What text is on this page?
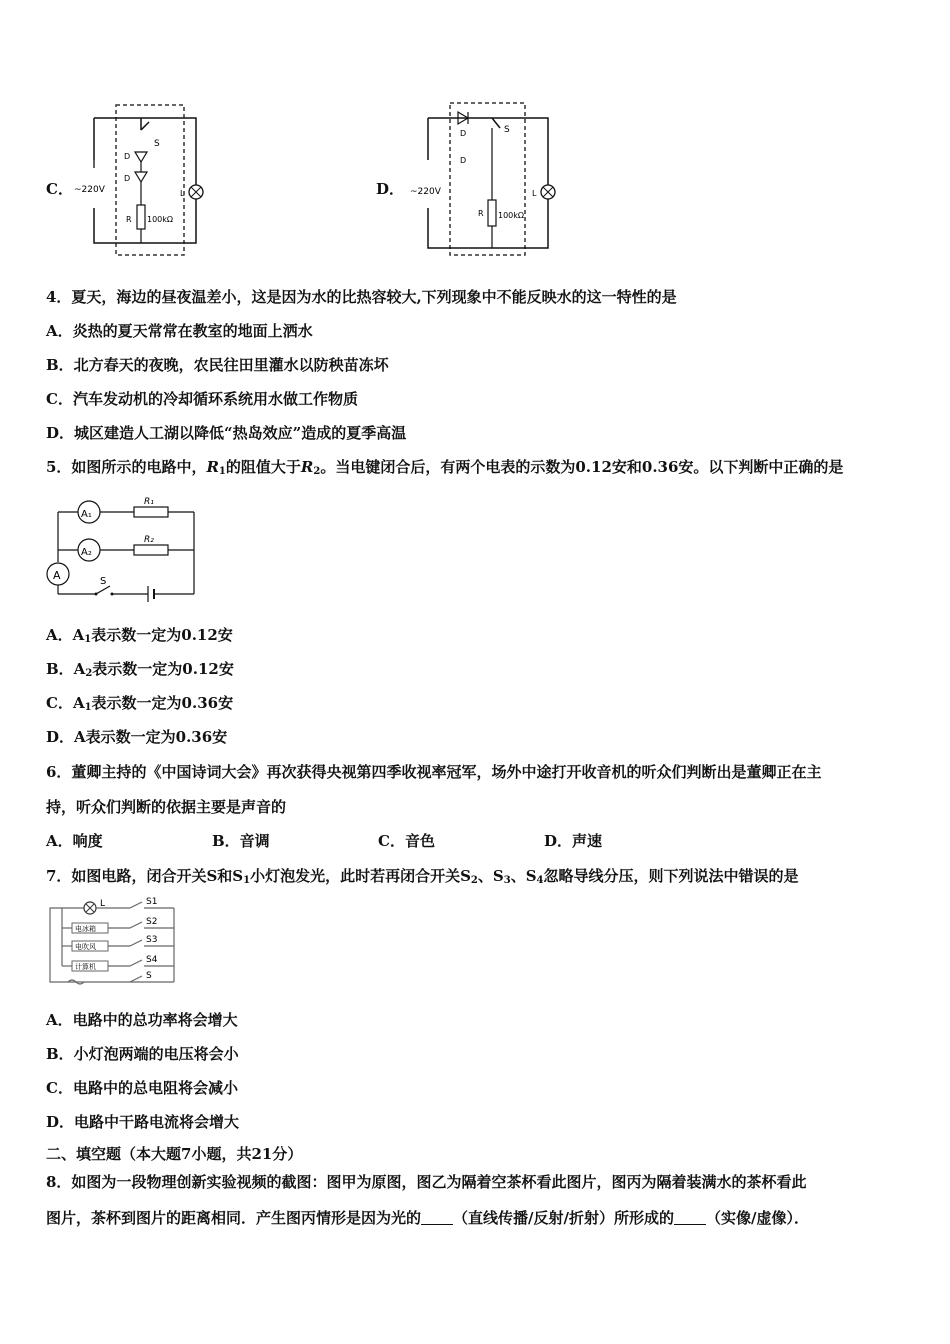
C．
S
D
D
R 100kΩ
L
~220V	D．
D
D
S
R 100kΩ
L
~220V
4．夏天，海边的昼夜温差小，这是因为水的比热容较大,下列现象中不能反映水的这一特性的是
A．炎热的夏天常常在教室的地面上洒水
B．北方春天的夜晚，农民往田里灌水以防秧苗冻坏
C．汽车发动机的冷却循环系统用水做工作物质
D．城区建造人工湖以降低“热岛效应”造成的夏季高温
5．如图所示的电路中，$R_1$的阻值大于$R_2$。当电键闭合后，有两个电表的示数为0.12安和0.36安。以下判断中正确的是
A₁
R₁
A₂
R₂
A	S
A．$A_1$表示数一定为0.12安
B．$A_2$表示数一定为0.12安
C．$A_1$表示数一定为0.36安
D．A表示数一定为0.36安
6．董卿主持的《中国诗词大会》再次获得央视第四季收视率冠军，场外中途打开收音机的听众们判断出是董卿正在主
持，听众们判断的依据主要是声音的
A．响度	B．音调	C．音色	D．声速
7．如图电路，闭合开关S和$S_1$小灯泡发光，此时若再闭合开关$S_2$、$S_3$、$S_4$忽略导线分压，则下列说法中错误的是
L	S1
电冰箱
S2
电吹风
S3
计算机
S4
S
A．电路中的总功率将会增大
B．小灯泡两端的电压将会小
C．电路中的总电阻将会减小
D．电路中干路电流将会增大
二、填空题（本大题7小题，共21分）
8．如图为一段物理创新实验视频的截图：图甲为原图，图乙为隔着空茶杯看此图片，图丙为隔着装满水的茶杯看此
图片，茶杯到图片的距离相同．产生图丙情形是因为光的 （直线传播/反射/折射）所形成的 （实像/虚像）．
